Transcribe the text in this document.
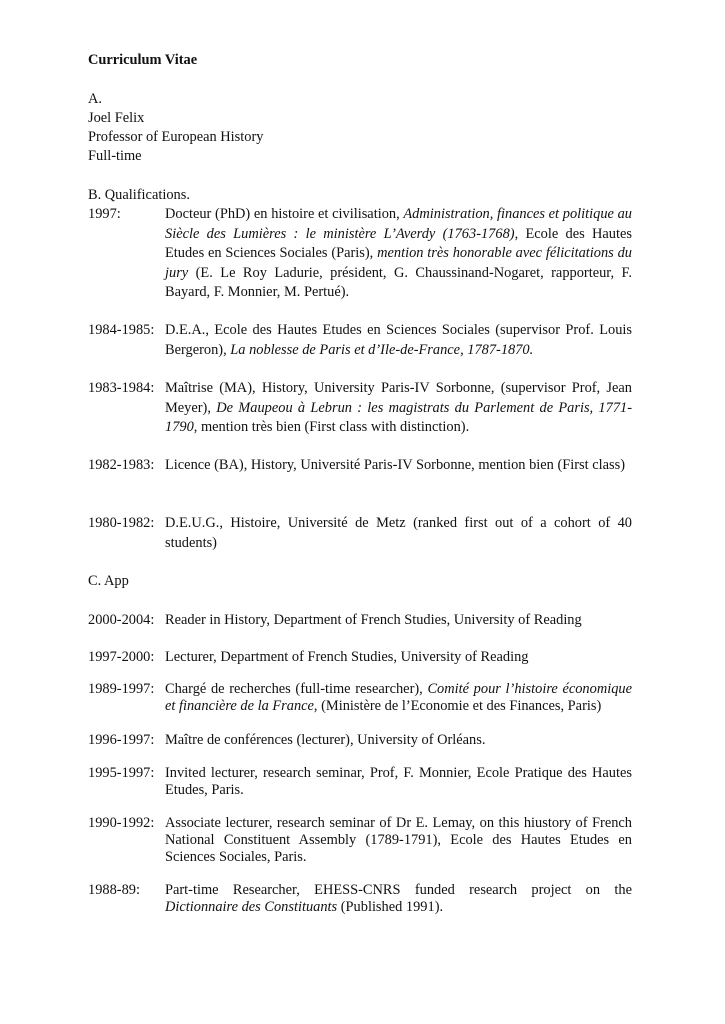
Curriculum Vitae
A.
Joel Felix
Professor of European History
Full-time
B. Qualifications.
1997:	Docteur (PhD) en histoire et civilisation, Administration, finances et politique au Siècle des Lumières : le ministère L’Averdy (1763-1768), Ecole des Hautes Etudes en Sciences Sociales (Paris), mention très honorable avec félicitations du jury (E. Le Roy Ladurie, président, G. Chaussinand-Nogaret, rapporteur, F. Bayard, F. Monnier, M. Pertué).
1984-1985: D.E.A., Ecole des Hautes Etudes en Sciences Sociales (supervisor Prof. Louis Bergeron), La noblesse de Paris et d’Ile-de-France, 1787-1870.
1983-1984: Maîtrise (MA), History, University Paris-IV Sorbonne, (supervisor Prof, Jean Meyer), De Maupeou à Lebrun : les magistrats du Parlement de Paris, 1771-1790, mention très bien (First class with distinction).
1982-1983: Licence (BA), History, Université Paris-IV Sorbonne, mention bien (First class)
1980-1982: D.E.U.G., Histoire, Université de Metz (ranked first out of a cohort of 40 students)
C. App
2000-2004: Reader in History, Department of French Studies, University of Reading
1997-2000: Lecturer, Department of French Studies, University of Reading
1989-1997: Chargé de recherches (full-time researcher), Comité pour l’histoire économique et financière de la France, (Ministère de l’Economie et des Finances, Paris)
1996-1997: Maître de conférences (lecturer), University of Orléans.
1995-1997: Invited lecturer, research seminar, Prof, F. Monnier, Ecole Pratique des Hautes Etudes, Paris.
1990-1992: Associate lecturer, research seminar of Dr E. Lemay, on this hiustory of French National Constituent Assembly (1789-1791), Ecole des Hautes Etudes en Sciences Sociales, Paris.
1988-89: Part-time Researcher, EHESS-CNRS funded research project on the Dictionnaire des Constituants (Published 1991).
